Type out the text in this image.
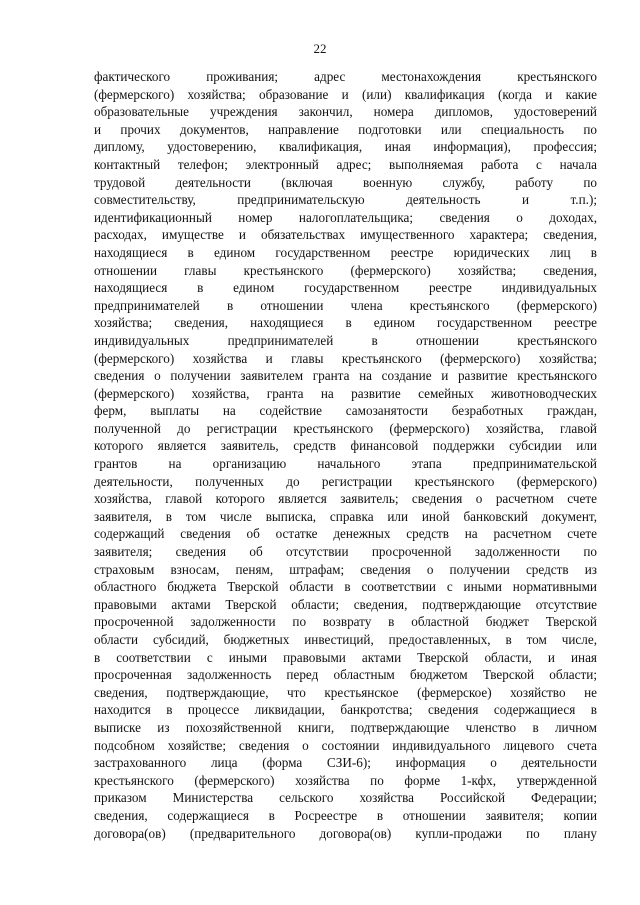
22
фактического проживания; адрес местонахождения крестьянского
(фермерского) хозяйства; образование и (или) квалификация (когда и какие
образовательные учреждения закончил, номера дипломов, удостоверений
и прочих документов, направление подготовки или специальность по
диплому, удостоверению, квалификация, иная информация), профессия;
контактный телефон; электронный адрес; выполняемая работа с начала
трудовой деятельности (включая военную службу, работу по
совместительству, предпринимательскую деятельность и т.п.);
идентификационный номер налогоплательщика; сведения о доходах,
расходах, имуществе и обязательствах имущественного характера; сведения,
находящиеся в едином государственном реестре юридических лиц в
отношении главы крестьянского (фермерского) хозяйства; сведения,
находящиеся в едином государственном реестре индивидуальных
предпринимателей в отношении члена крестьянского (фермерского)
хозяйства; сведения, находящиеся в едином государственном реестре
индивидуальных предпринимателей в отношении крестьянского
(фермерского) хозяйства и главы крестьянского (фермерского) хозяйства;
сведения о получении заявителем гранта на создание и развитие крестьянского
(фермерского) хозяйства, гранта на развитие семейных животноводческих
ферм, выплаты на содействие самозанятости безработных граждан,
полученной до регистрации крестьянского (фермерского) хозяйства, главой
которого является заявитель, средств финансовой поддержки субсидии или
грантов на организацию начального этапа предпринимательской
деятельности, полученных до регистрации крестьянского (фермерского)
хозяйства, главой которого является заявитель; сведения о расчетном счете
заявителя, в том числе выписка, справка или иной банковский документ,
содержащий сведения об остатке денежных средств на расчетном счете
заявителя; сведения об отсутствии просроченной задолженности по
страховым взносам, пеням, штрафам; сведения о получении средств из
областного бюджета Тверской области в соответствии с иными нормативными
правовыми актами Тверской области; сведения, подтверждающие отсутствие
просроченной задолженности по возврату в областной бюджет Тверской
области субсидий, бюджетных инвестиций, предоставленных, в том числе,
в соответствии с иными правовыми актами Тверской области, и иная
просроченная задолженность перед областным бюджетом Тверской области;
сведения, подтверждающие, что крестьянское (фермерское) хозяйство не
находится в процессе ликвидации, банкротства; сведения содержащиеся в
выписке из похозяйственной книги, подтверждающие членство в личном
подсобном хозяйстве; сведения о состоянии индивидуального лицевого счета
застрахованного лица (форма СЗИ-6); информация о деятельности
крестьянского (фермерского) хозяйства по форме 1-кфх, утвержденной
приказом Министерства сельского хозяйства Российской Федерации;
сведения, содержащиеся в Росреестре в отношении заявителя; копии
договора(ов) (предварительного договора(ов) купли-продажи по плану
